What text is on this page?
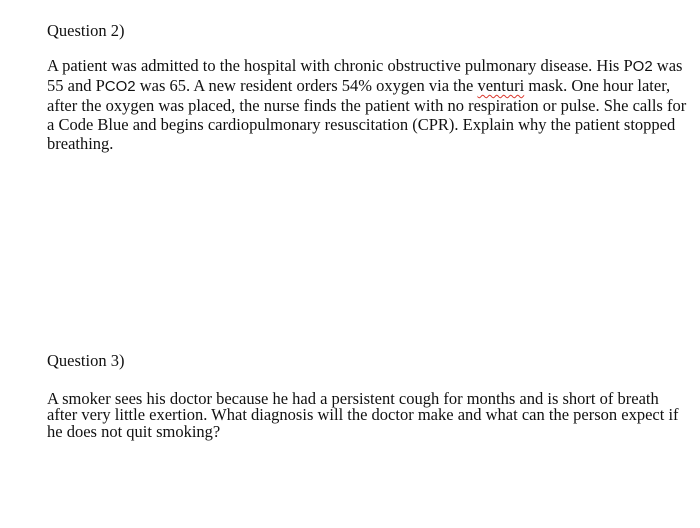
Question 2)
A patient was admitted to the hospital with chronic obstructive pulmonary disease. His PO2 was
55 and PCO2 was 65. A new resident orders 54% oxygen via the venturi mask. One hour later,
after the oxygen was placed, the nurse finds the patient with no respiration or pulse. She calls for
a Code Blue and begins cardiopulmonary resuscitation (CPR). Explain why the patient stopped
breathing.
Question 3)
A smoker sees his doctor because he had a persistent cough for months and is short of breath
after very little exertion. What diagnosis will the doctor make and what can the person expect if
he does not quit smoking?
